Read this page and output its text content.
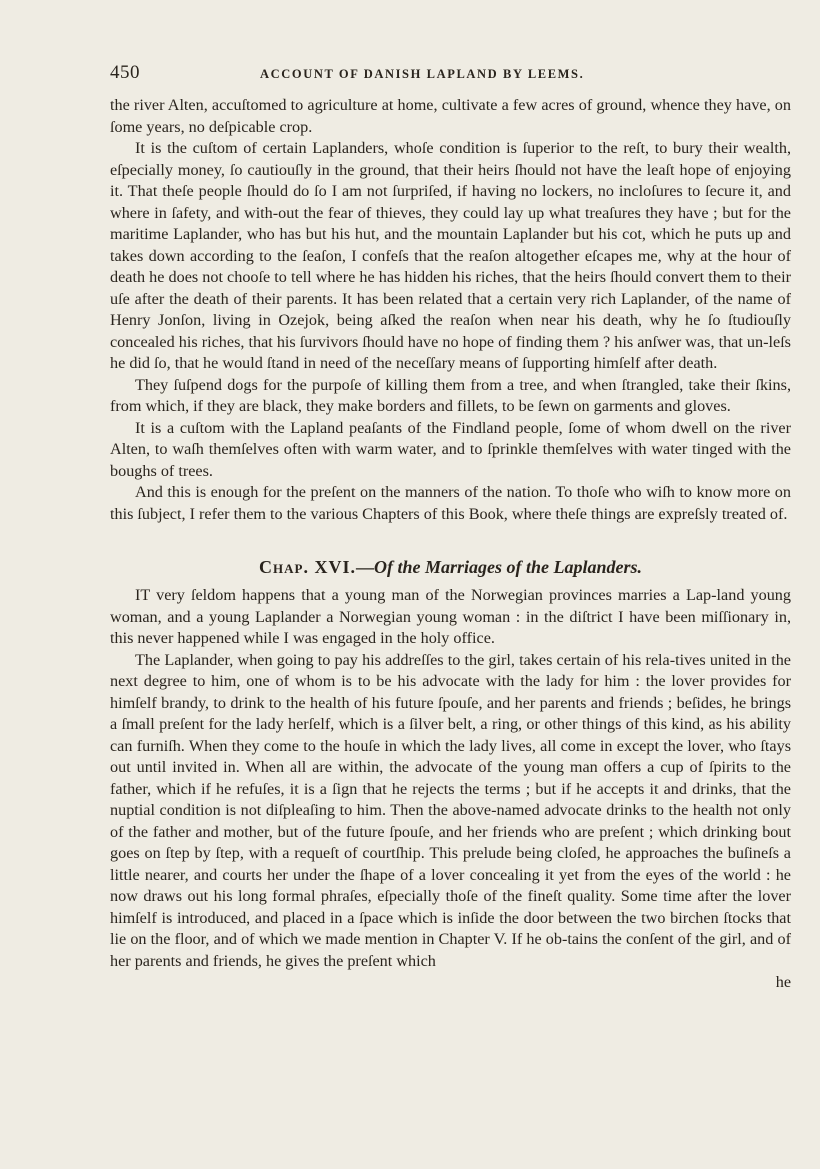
450	ACCOUNT OF DANISH LAPLAND BY LEEMS.

the river Alten, accuſtomed to agriculture at home, cultivate a few acres of ground, whence they have, on ſome years, no deſpicable crop.

It is the cuſtom of certain Laplanders, whoſe condition is ſuperior to the reſt, to bury their wealth, eſpecially money, ſo cautiouſly in the ground, that their heirs ſhould not have the leaſt hope of enjoying it. That theſe people ſhould do ſo I am not ſurpriſed, if having no lockers, no incloſures to ſecure it, and where in ſafety, and with-out the fear of thieves, they could lay up what treaſures they have ; but for the maritime Laplander, who has but his hut, and the mountain Laplander but his cot, which he puts up and takes down according to the ſeaſon, I confeſs that the reaſon altogether eſcapes me, why at the hour of death he does not chooſe to tell where he has hidden his riches, that the heirs ſhould convert them to their uſe after the death of their parents. It has been related that a certain very rich Laplander, of the name of Henry Jonſon, living in Ozejok, being aſked the reaſon when near his death, why he ſo ſtudiouſly concealed his riches, that his ſurvivors ſhould have no hope of finding them ? his anſwer was, that un-leſs he did ſo, that he would ſtand in need of the neceſſary means of ſupporting himſelf after death.

They ſuſpend dogs for the purpoſe of killing them from a tree, and when ſtrangled, take their ſkins, from which, if they are black, they make borders and fillets, to be ſewn on garments and gloves.

It is a cuſtom with the Lapland peaſants of the Findland people, ſome of whom dwell on the river Alten, to waſh themſelves often with warm water, and to ſprinkle themſelves with water tinged with the boughs of trees.

And this is enough for the preſent on the manners of the nation. To thoſe who wiſh to know more on this ſubject, I refer them to the various Chapters of this Book, where theſe things are expreſsly treated of.

Chap. XVI.—Of the Marriages of the Laplanders.

IT very ſeldom happens that a young man of the Norwegian provinces marries a Lap-land young woman, and a young Laplander a Norwegian young woman : in the diſtrict I have been miſſionary in, this never happened while I was engaged in the holy office.

The Laplander, when going to pay his addreſſes to the girl, takes certain of his rela-tives united in the next degree to him, one of whom is to be his advocate with the lady for him : the lover provides for himſelf brandy, to drink to the health of his future ſpouſe, and her parents and friends ; beſides, he brings a ſmall preſent for the lady herſelf, which is a ſilver belt, a ring, or other things of this kind, as his ability can furniſh. When they come to the houſe in which the lady lives, all come in except the lover, who ſtays out until invited in. When all are within, the advocate of the young man offers a cup of ſpirits to the father, which if he refuſes, it is a ſign that he rejects the terms ; but if he accepts it and drinks, that the nuptial condition is not diſpleaſing to him. Then the above-named advocate drinks to the health not only of the father and mother, but of the future ſpouſe, and her friends who are preſent ; which drinking bout goes on ſtep by ſtep, with a requeſt of courtſhip. This prelude being cloſed, he approaches the buſineſs a little nearer, and courts her under the ſhape of a lover concealing it yet from the eyes of the world : he now draws out his long formal phraſes, eſpecially thoſe of the fineſt quality. Some time after the lover himſelf is introduced, and placed in a ſpace which is inſide the door between the two birchen ſtocks that lie on the floor, and of which we made mention in Chapter V. If he ob-tains the conſent of the girl, and of her parents and friends, he gives the preſent which

he
